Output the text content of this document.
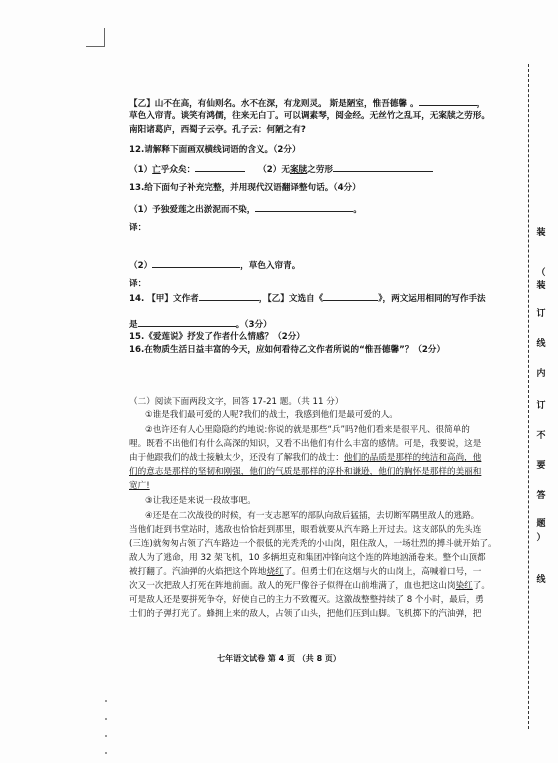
【乙】山不在高，有仙则名。水不在深，有龙则灵。 斯是陋室，惟吾德馨 。	，
草色入帘青。谈笑有鸿儒，往来无白丁。可以调素琴，阅金经。无丝竹之乱耳，无案牍之劳形。
南阳诸葛庐，西蜀子云亭。孔子云：何陋之有?
12.请解释下面画双横线词语的含义。（2分）
（1）亡乎众矣：	（2）无案牍之劳形
13.给下面句子补充完整，并用现代汉语翻译整句话。（4分）
（1）予独爱莲之出淤泥而不染，	。
译：
（2）	，草色入帘青。
译：
14. 【甲】文作者	，【乙】文选自《	》，两文运用相同的写作手法
是	。（3分）
15.《爱莲说》抒发了作者什么情感？（2分）
16.在物质生活日益丰富的今天，应如何看待乙文作者所说的“惟吾德馨”？（2分）
（二）阅读下面两段文字，回答 17-21 题。（共 11 分）
①谁是我们最可爱的人呢?我们的战士，我感到他们是最可爱的人。
②也许还有人心里隐隐约约地说:你说的就是那些“兵”吗?他们看来是很平凡、很简单的
哩。既看不出他们有什么高深的知识，又看不出他们有什么丰富的感情。可是，我要说，这是
由于他跟我们的战士接触太少，还没有了解我们的战士：他们的品质是那样的纯洁和高尚，他
们的意志是那样的坚韧和刚强，他们的气质是那样的淳朴和谦逊，他们的胸怀是那样的美丽和
宽广!
③让我还是来说一段故事吧。
④还是在二次战役的时候，有一支志愿军的部队向敌后猛插，去切断军隅里敌人的逃路。
当他们赶到书堂站时，逃敌也恰恰赶到那里，眼看就要从汽车路上开过去。这支部队的先头连
(三连)就匆匆占领了汽车路边一个很低的光秃秃的小山岗，阻住敌人，一场壮烈的搏斗就开始了。
敌人为了逃命，用 32 架飞机，10 多辆坦克和集团冲锋向这个连的阵地汹涌卷来。整个山顶都
被打翻了。汽油弹的火焰把这个阵地烧红了。但勇士们在这烟与火的山岗上，高喊着口号，一
次又一次把敌人打死在阵地前面。敌人的死尸像谷子似得在山前堆满了，血也把这山岗染红了。
可是敌人还是要拼死争夺，好使自己的主力不致覆灭。这激战整整持续了 8 个小时，最后，勇
士们的子弹打光了。蜂拥上来的敌人，占领了山头，把他们压到山脚。飞机掷下的汽油弹，把
装
（
装
订
线
内
订
不
要
答
题
）
线
七年语文试卷 第 4 页 （共 8 页）
